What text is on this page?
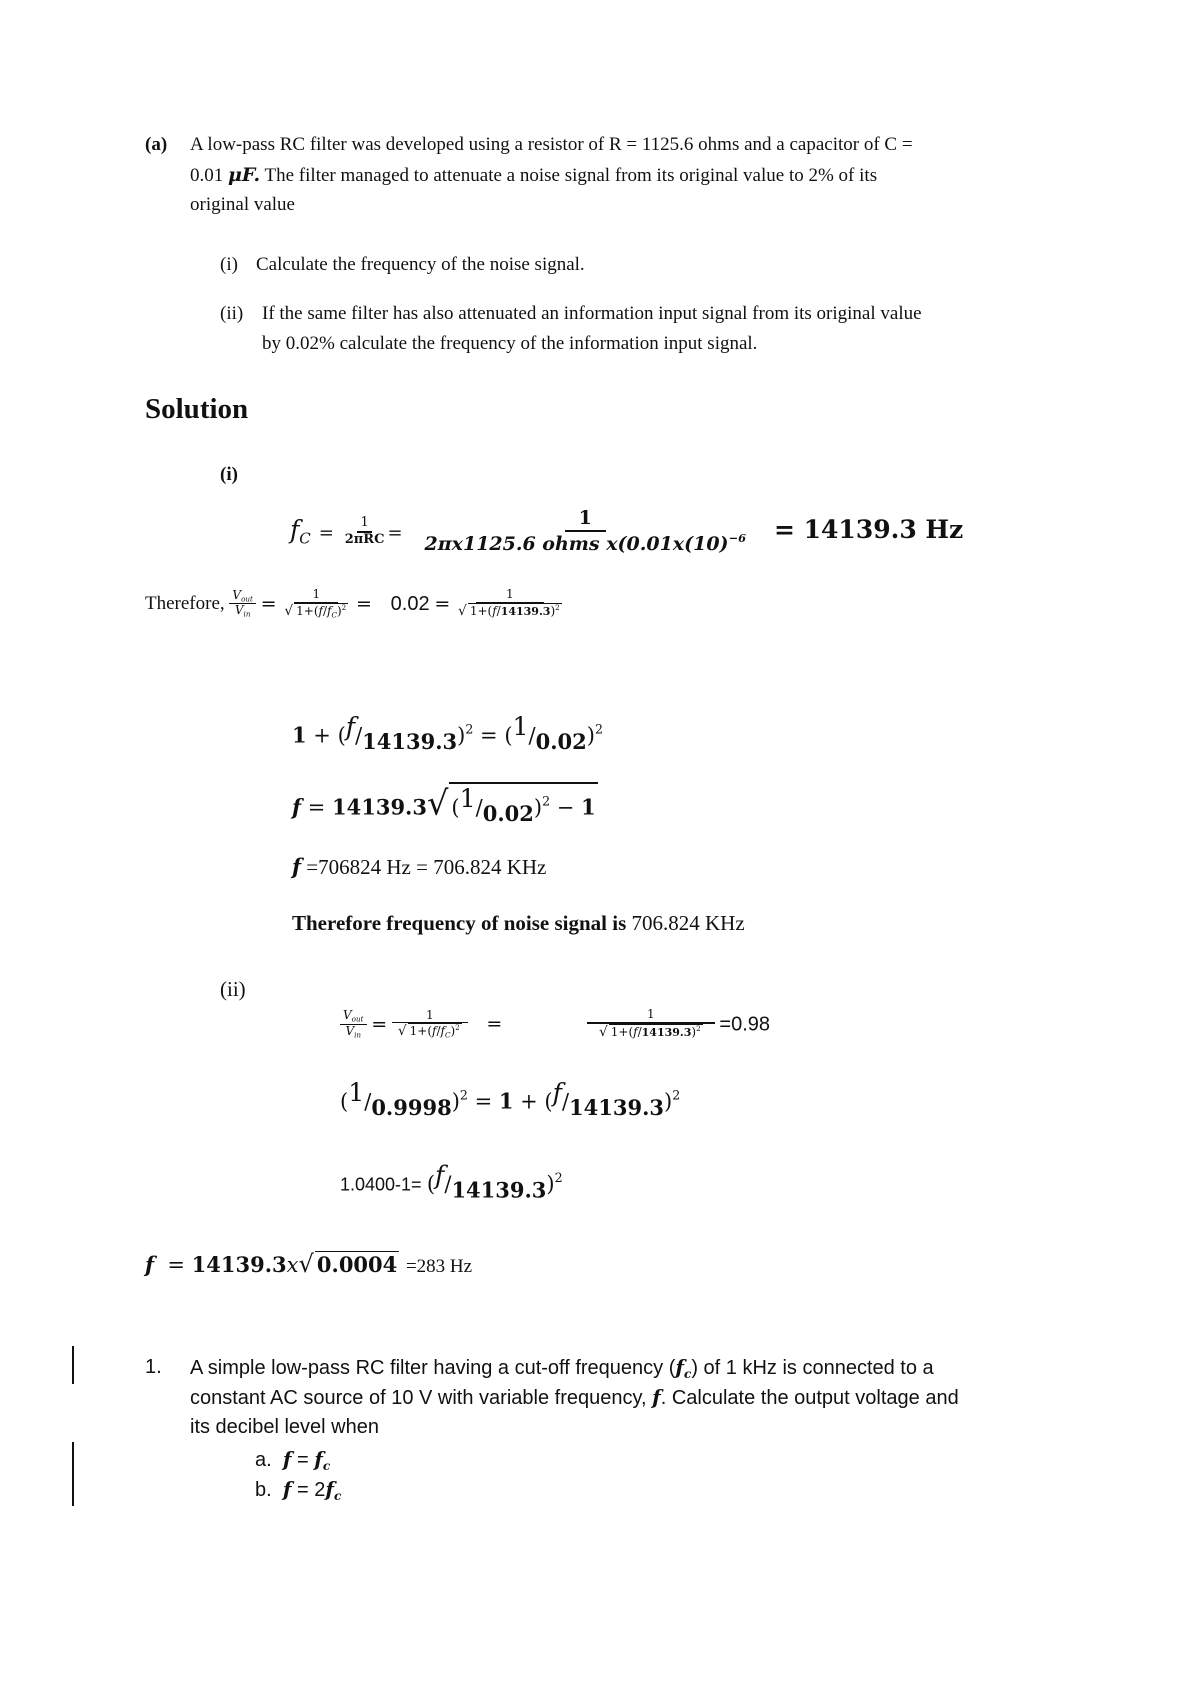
(a) A low-pass RC filter was developed using a resistor of R = 1125.6 ohms and a capacitor of C =
0.01 μF. The filter managed to attenuate a noise signal from its original value to 2% of its
original value
(i) Calculate the frequency of the noise signal.
(ii) If the same filter has also attenuated an information input signal from its original value
by 0.02% calculate the frequency of the information input signal.
Solution
(i)
$f_C = \frac{1}{\text{2πRC}} = \frac{1}{2\pi x1125.6 ohms x(0.01x(10)^{-6}} = 14139.3$ Hz
Therefore, $\frac{V_{out}}{V_{in}} = \frac{1}{√ 1+(f/f_C)^2} = 0.02 = \frac{1}{√ 1+(f/14139.3)^2}$
$1 + (f/14139.3)^2 = (1/0.02)^2$
f = 14139.3√ $(1/0.02)^2 - 1$
f =706824 Hz = 706.824 KHz
Therefore frequency of noise signal is 706.824 KHz
(ii)
$\frac{V_{out}}{V_{in}} = \frac{1}{√ 1+(f/f_C)^2}$ =	$\frac{1}{√ 1+(f/14139.3)^2} =0.98$
$(1/0.9998)^2 = 1 + (f/14139.3)^2$
$1.0400-1= (f/14139.3)^2$
f  = 14139.3x√ 0.0004 =283 Hz
1. A simple low-pass RC filter having a cut-off frequency $(f_c)$ of 1 kHz is connected to a
constant AC source of 10 V with variable frequency, f. Calculate the output voltage and
its decibel level when
a. $f = f_c$
b. $f = 2f_c$
